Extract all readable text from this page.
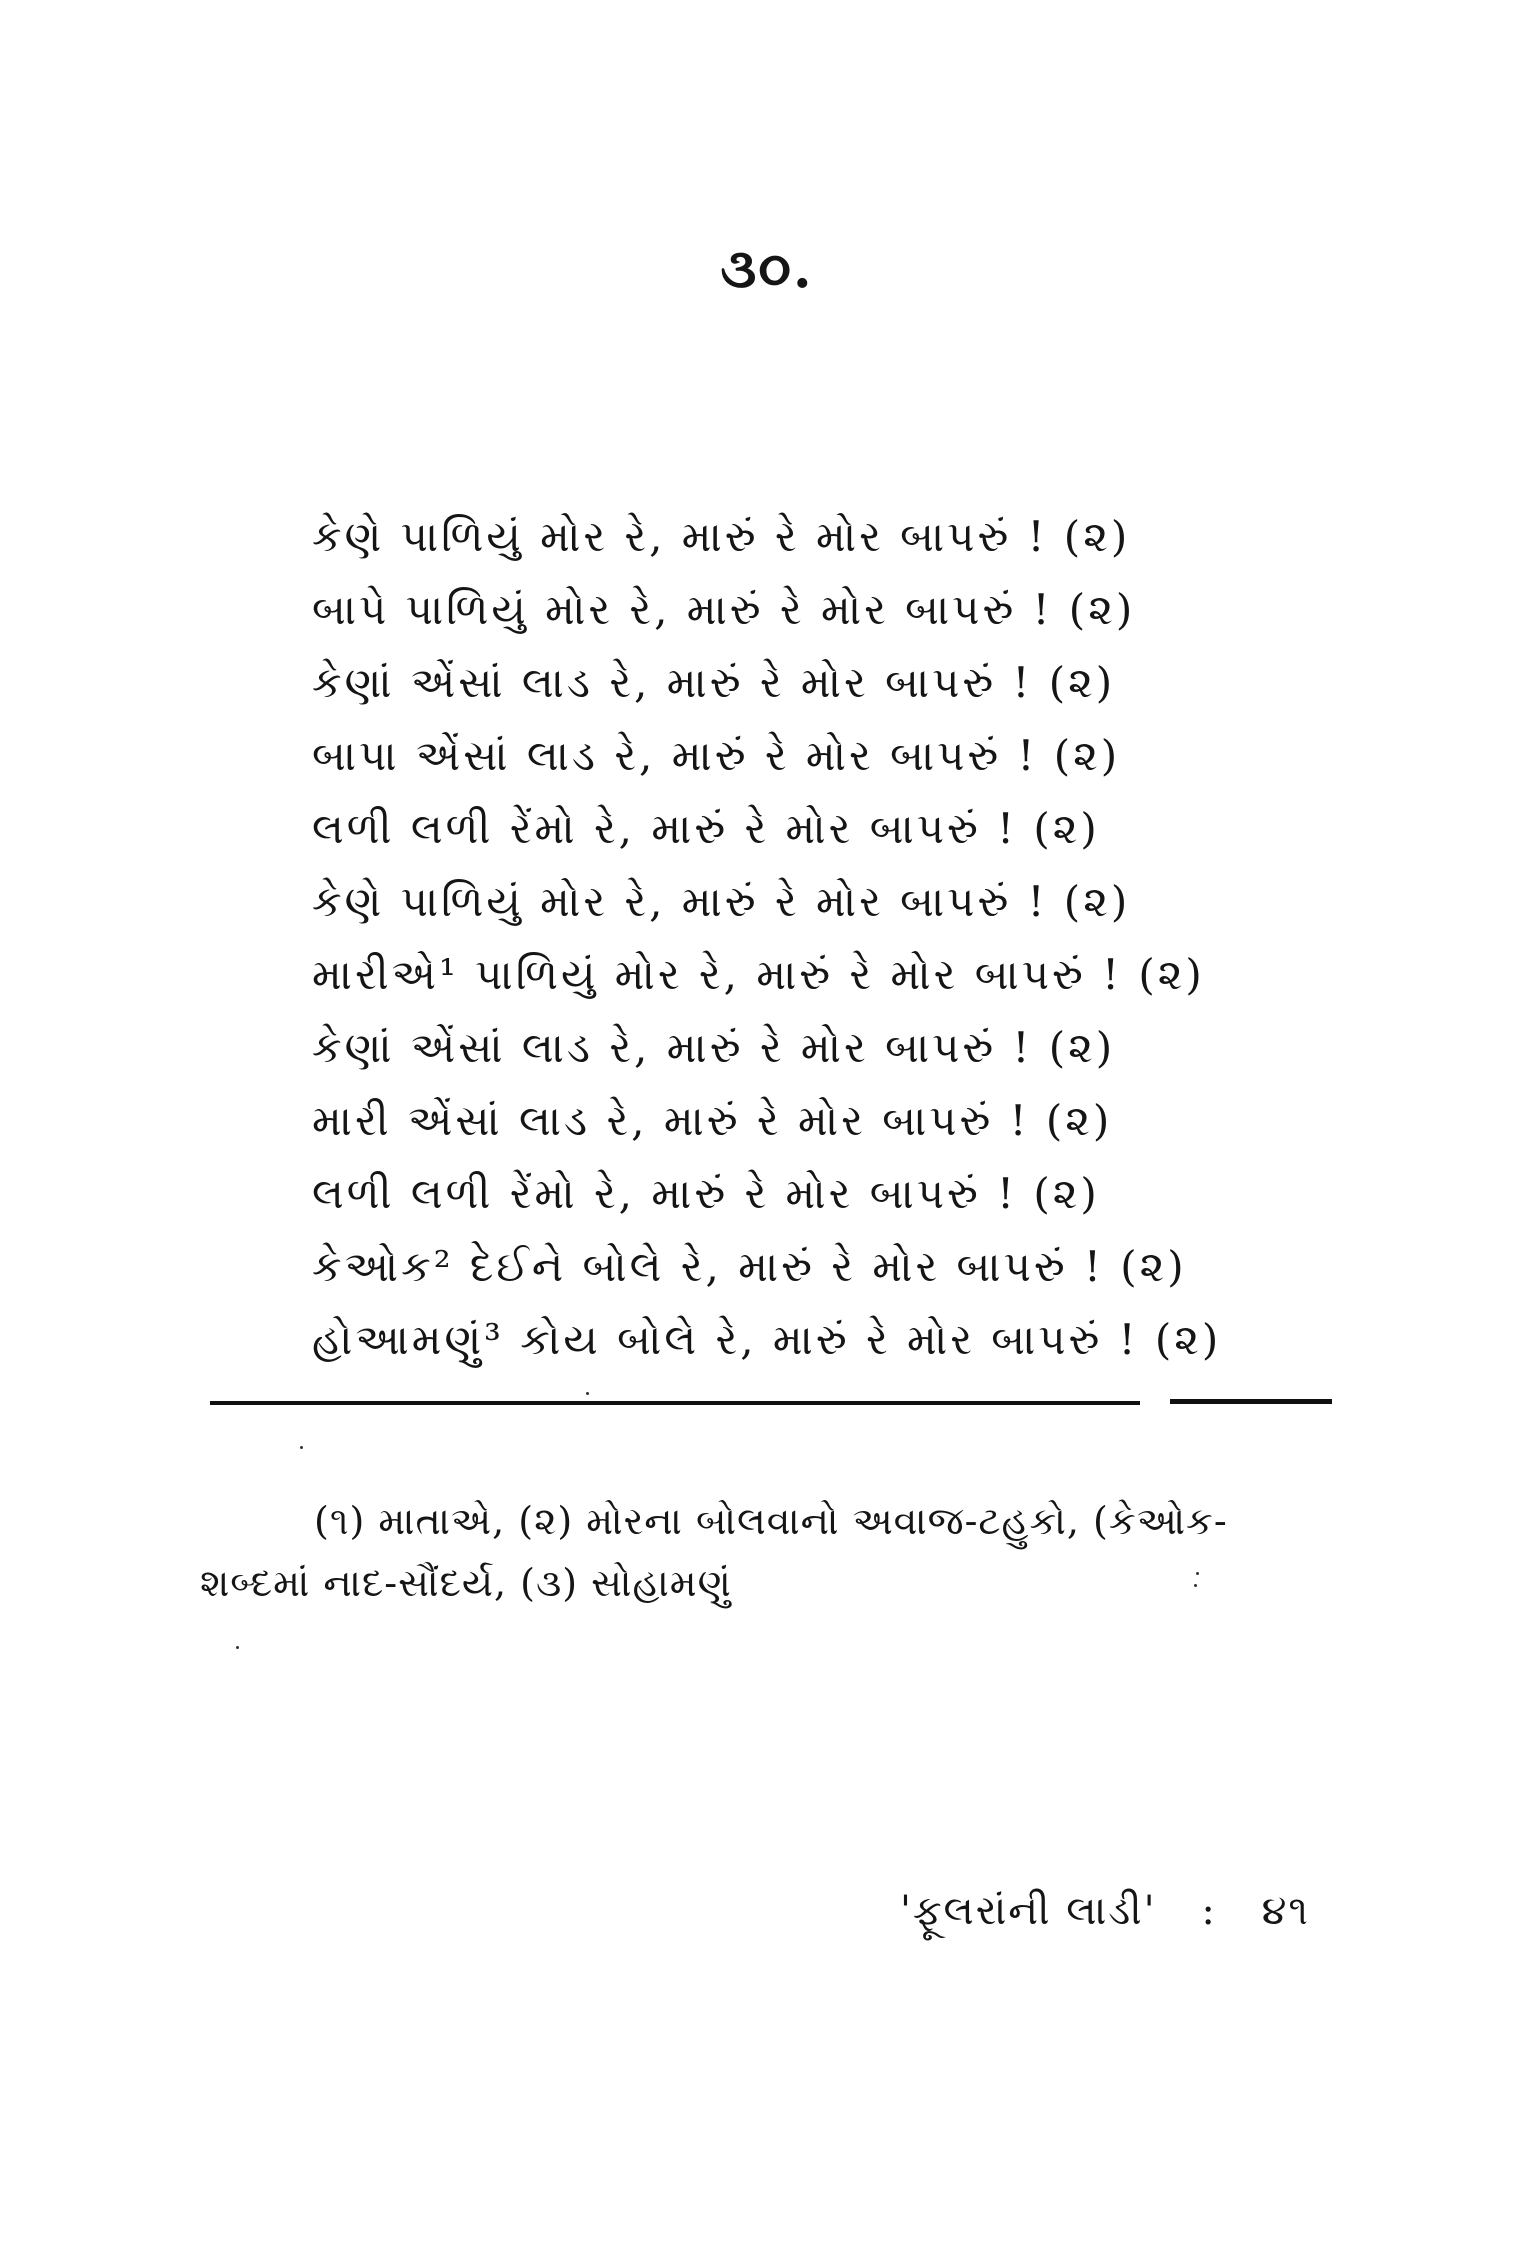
૩૦.
કેણે પાળિયું મોર રે, મારું રે મોર બાપરું ! (૨)
બાપે પાળિયું મોર રે, મારું રે મોર બાપરું ! (૨)
કેણાં એંસાં લાડ રે, મારું રે મોર બાપરું ! (૨)
બાપા એંસાં લાડ રે, મારું રે મોર બાપરું ! (૨)
લળી લળી રેંમો રે, મારું રે મોર બાપરું ! (૨)
કેણે પાળિયું મોર રે, મારું રે મોર બાપરું ! (૨)
મારીએ¹ પાળિયું મોર રે, મારું રે મોર બાપરું ! (૨)
કેણાં એંસાં લાડ રે, મારું રે મોર બાપરું ! (૨)
મારી એંસાં લાડ રે, મારું રે મોર બાપરું ! (૨)
લળી લળી રેંમો રે, મારું રે મોર બાપરું ! (૨)
કેઓક² દેઈને બોલે રે, મારું રે મોર બાપરું ! (૨)
હોઆમણું³ કોય બોલે રે, મારું રે મોર બાપરું ! (૨)
(૧) માતાએ, (૨) મોરના બોલવાનો અવાજ-ટહુકો, (કેઓક-
શબ્દમાં નાદ-સૌંદર્ય, (૩) સોહામણું
'ફૂલરાંની લાડી' : ૪૧
